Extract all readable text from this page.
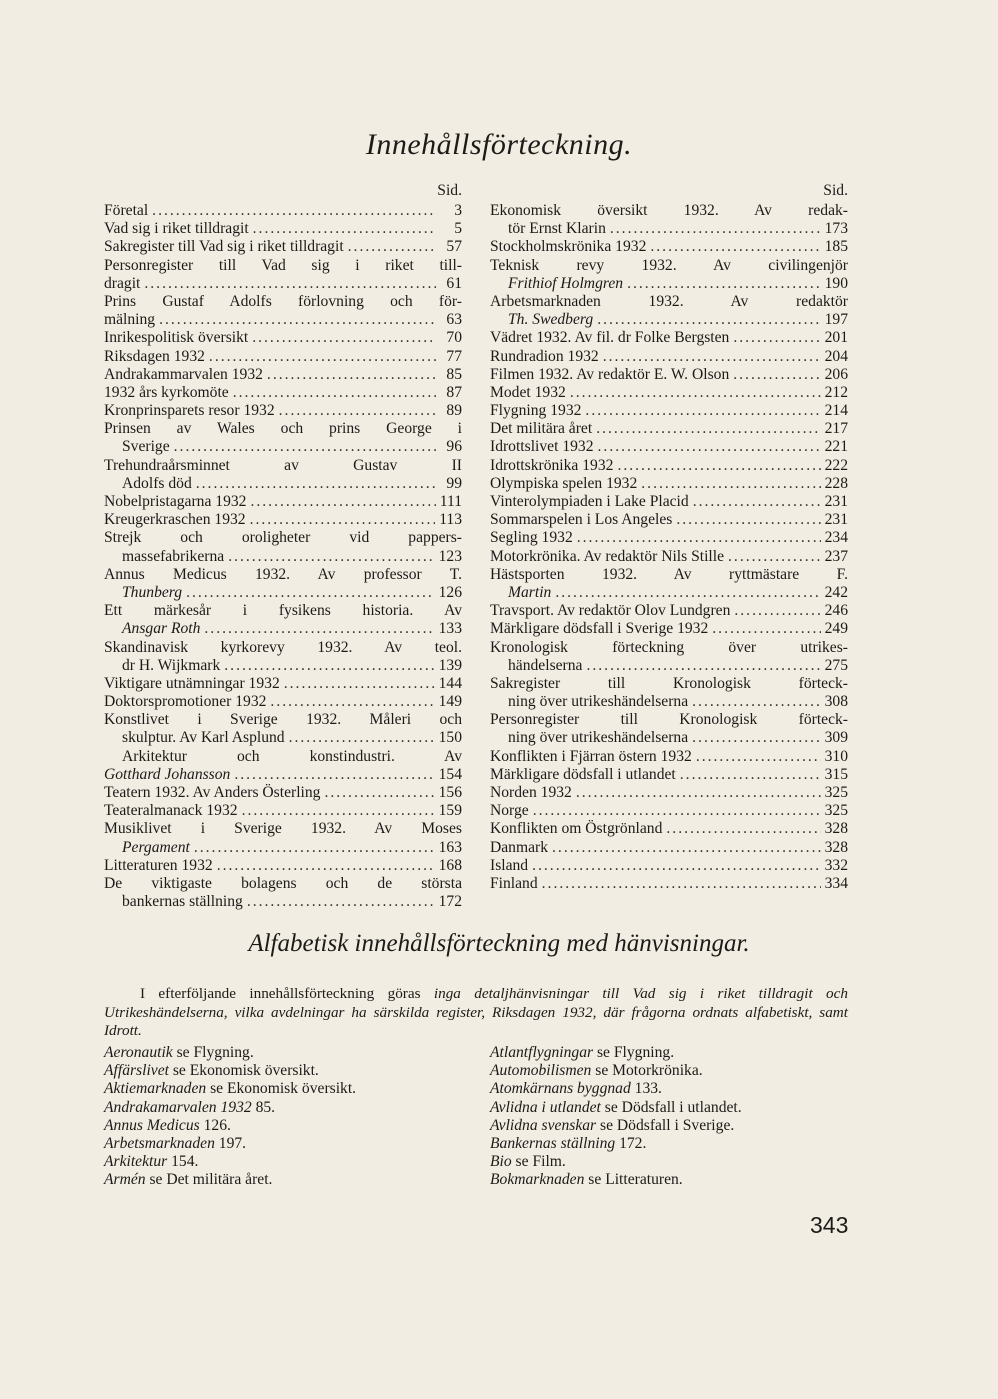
Innehållsförteckning.
Sid.
Företal .....	3
Vad sig i riket tilldragit .....	5
Sakregister till Vad sig i riket tilldragit .....	57
Personregister till Vad sig i riket till-
dragit .....	61
Prins Gustaf Adolfs förlovning och för-
mälning .....	63
Inrikespolitisk översikt .....	70
Riksdagen 1932 .....	77
Andrakammarvalen 1932 .....	85
1932 års kyrkomöte .....	87
Kronprinsparets resor 1932 .....	89
Prinsen av Wales och prins George i
Sverige .....	96
Trehundraårsminnet av Gustav II
Adolfs död .....	99
Nobelpristagarna 1932 .....	111
Kreugerkraschen 1932 .....	113
Strejk och oroligheter vid pappers-
massefabrikerna .....	123
Annus Medicus 1932. Av professor T.
Thunberg .....	126
Ett märkesår i fysikens historia. Av
Ansgar Roth .....	133
Skandinavisk kyrkorevy 1932. Av teol.
dr H. Wijkmark .....	139
Viktigare utnämningar 1932 .....	144
Doktorspromotioner 1932 .....	149
Konstlivet i Sverige 1932. Måleri och
skulptur. Av Karl Asplund .....	150
Arkitektur och konstindustri. Av
Gotthard Johansson .....	154
Teatern 1932. Av Anders Österling .....	156
Teateralmanack 1932 .....	159
Musiklivet i Sverige 1932. Av Moses
Pergament .....	163
Litteraturen 1932 .....	168
De viktigaste bolagens och de största
bankernas ställning .....	172
Sid.
Ekonomisk översikt 1932. Av redak-
tör Ernst Klarin .....	173
Stockholmskrönika 1932 .....	185
Teknisk revy 1932. Av civilingenjör
Frithiof Holmgren .....	190
Arbetsmarknaden 1932. Av redaktör
Th. Swedberg .....	197
Vädret 1932. Av fil. dr Folke Bergsten .....	201
Rundradion 1932 .....	204
Filmen 1932. Av redaktör E. W. Olson .....	206
Modet 1932 .....	212
Flygning 1932 .....	214
Det militära året .....	217
Idrottslivet 1932 .....	221
Idrottskrönika 1932 .....	222
Olympiska spelen 1932 .....	228
Vinterolympiaden i Lake Placid .....	231
Sommarspelen i Los Angeles .....	231
Segling 1932 .....	234
Motorkrönika. Av redaktör Nils Stille .....	237
Hästsporten 1932. Av ryttmästare F.
Martin .....	242
Travsport. Av redaktör Olov Lundgren .....	246
Märkligare dödsfall i Sverige 1932 .....	249
Kronologisk förteckning över utrikes-
händelserna .....	275
Sakregister till Kronologisk förteck-
ning över utrikeshändelserna .....	308
Personregister till Kronologisk förteck-
ning över utrikeshändelserna .....	309
Konflikten i Fjärran östern 1932 .....	310
Märkligare dödsfall i utlandet .....	315
Norden 1932 .....	325
Norge .....	325
Konflikten om Östgrönland .....	328
Danmark .....	328
Island .....	332
Finland .....	334
Alfabetisk innehållsförteckning med hänvisningar.

I efterföljande innehållsförteckning göras inga detaljhänvisningar till Vad sig i riket tilldragit och Utrikeshändelserna, vilka avdelningar ha särskilda register, Riksdagen 1932, där frågorna ordnats alfabetiskt, samt Idrott.

Aeronautik se Flygning.
Affärslivet se Ekonomisk översikt.
Aktiemarknaden se Ekonomisk översikt.
Andrakamarvalen 1932 85.
Annus Medicus 126.
Arbetsmarknaden 197.
Arkitektur 154.
Armén se Det militära året.
Atlantflygningar se Flygning.
Automobilismen se Motorkrönika.
Atomkärnans byggnad 133.
Avlidna i utlandet se Dödsfall i utlandet.
Avlidna svenskar se Dödsfall i Sverige.
Bankernas ställning 172.
Bio se Film.
Bokmarknaden se Litteraturen.
343
